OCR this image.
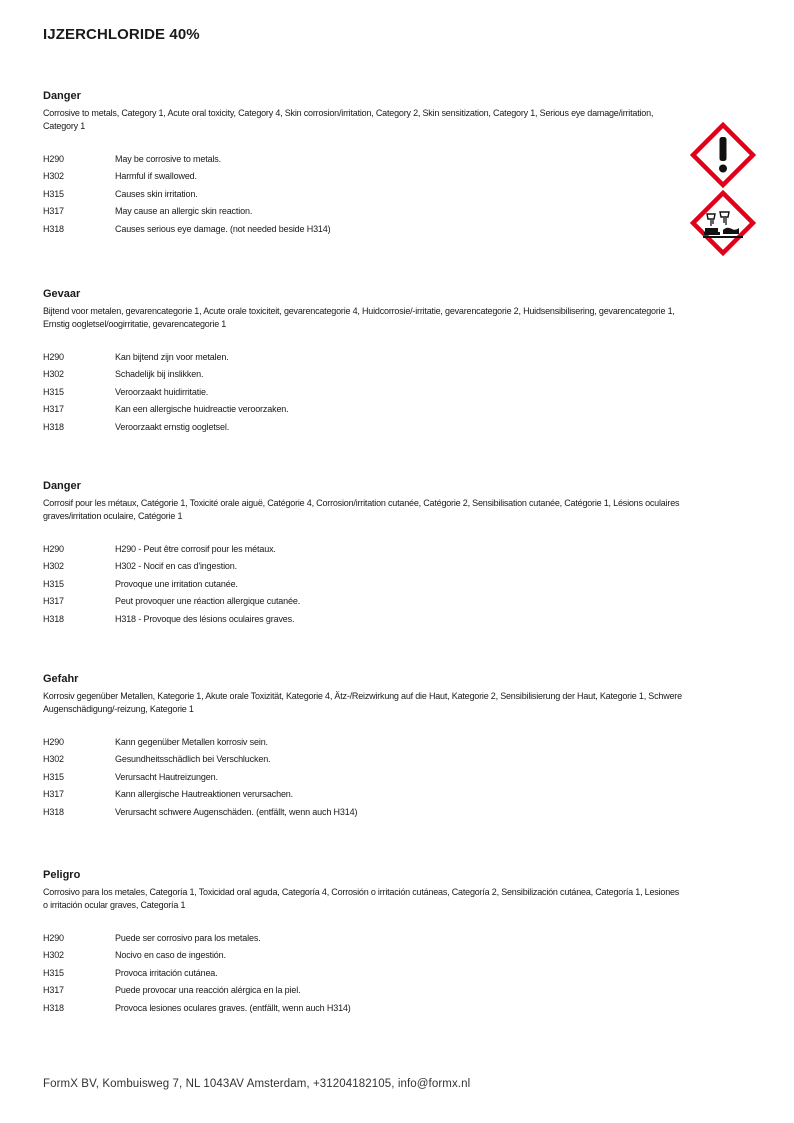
IJZERCHLORIDE 40%
Danger

Corrosive to metals, Category 1, Acute oral toxicity, Category 4, Skin corrosion/irritation, Category 2, Skin sensitization, Category 1, Serious eye damage/irritation, Category 1

H290	May be corrosive to metals.
H302	Harmful if swallowed.
H315	Causes skin irritation.
H317	May cause an allergic skin reaction.
H318	Causes serious eye damage. (not needed beside H314)
Gevaar

Bijtend voor metalen, gevarencategorie 1, Acute orale toxiciteit, gevarencategorie 4, Huidcorrosie/-irritatie, gevarencategorie 2, Huidsensibilisering, gevarencategorie 1, Ernstig oogletsel/oogirritatie, gevarencategorie 1

H290	Kan bijtend zijn voor metalen.
H302	Schadelijk bij inslikken.
H315	Veroorzaakt huidirritatie.
H317	Kan een allergische huidreactie veroorzaken.
H318	Veroorzaakt ernstig oogletsel.
Danger

Corrosif pour les métaux, Catégorie 1, Toxicité orale aiguë, Catégorie 4, Corrosion/irritation cutanée, Catégorie 2, Sensibilisation cutanée, Catégorie 1, Lésions oculaires graves/irritation oculaire, Catégorie 1

H290	H290 - Peut être corrosif pour les métaux.
H302	H302 - Nocif en cas d'ingestion.
H315	Provoque une irritation cutanée.
H317	Peut provoquer une réaction allergique cutanée.
H318	H318 - Provoque des lésions oculaires graves.
Gefahr

Korrosiv gegenüber Metallen, Kategorie 1, Akute orale Toxizität, Kategorie 4, Ätz-/Reizwirkung auf die Haut, Kategorie 2, Sensibilisierung der Haut, Kategorie 1, Schwere Augenschädigung/-reizung, Kategorie 1

H290	Kann gegenüber Metallen korrosiv sein.
H302	Gesundheitsschädlich bei Verschlucken.
H315	Verursacht Hautreizungen.
H317	Kann allergische Hautreaktionen verursachen.
H318	Verursacht schwere Augenschäden. (entfällt, wenn auch H314)
Peligro

Corrosivo para los metales, Categoría 1, Toxicidad oral aguda, Categoría 4, Corrosión o irritación cutáneas, Categoría 2, Sensibilización cutánea, Categoría 1, Lesiones o irritación ocular graves, Categoría 1

H290	Puede ser corrosivo para los metales.
H302	Nocivo en caso de ingestión.
H315	Provoca irritación cutánea.
H317	Puede provocar una reacción alérgica en la piel.
H318	Provoca lesiones oculares graves. (entfällt, wenn auch H314)
FormX BV, Kombuisweg 7, NL 1043AV Amsterdam, +31204182105, info@formx.nl
